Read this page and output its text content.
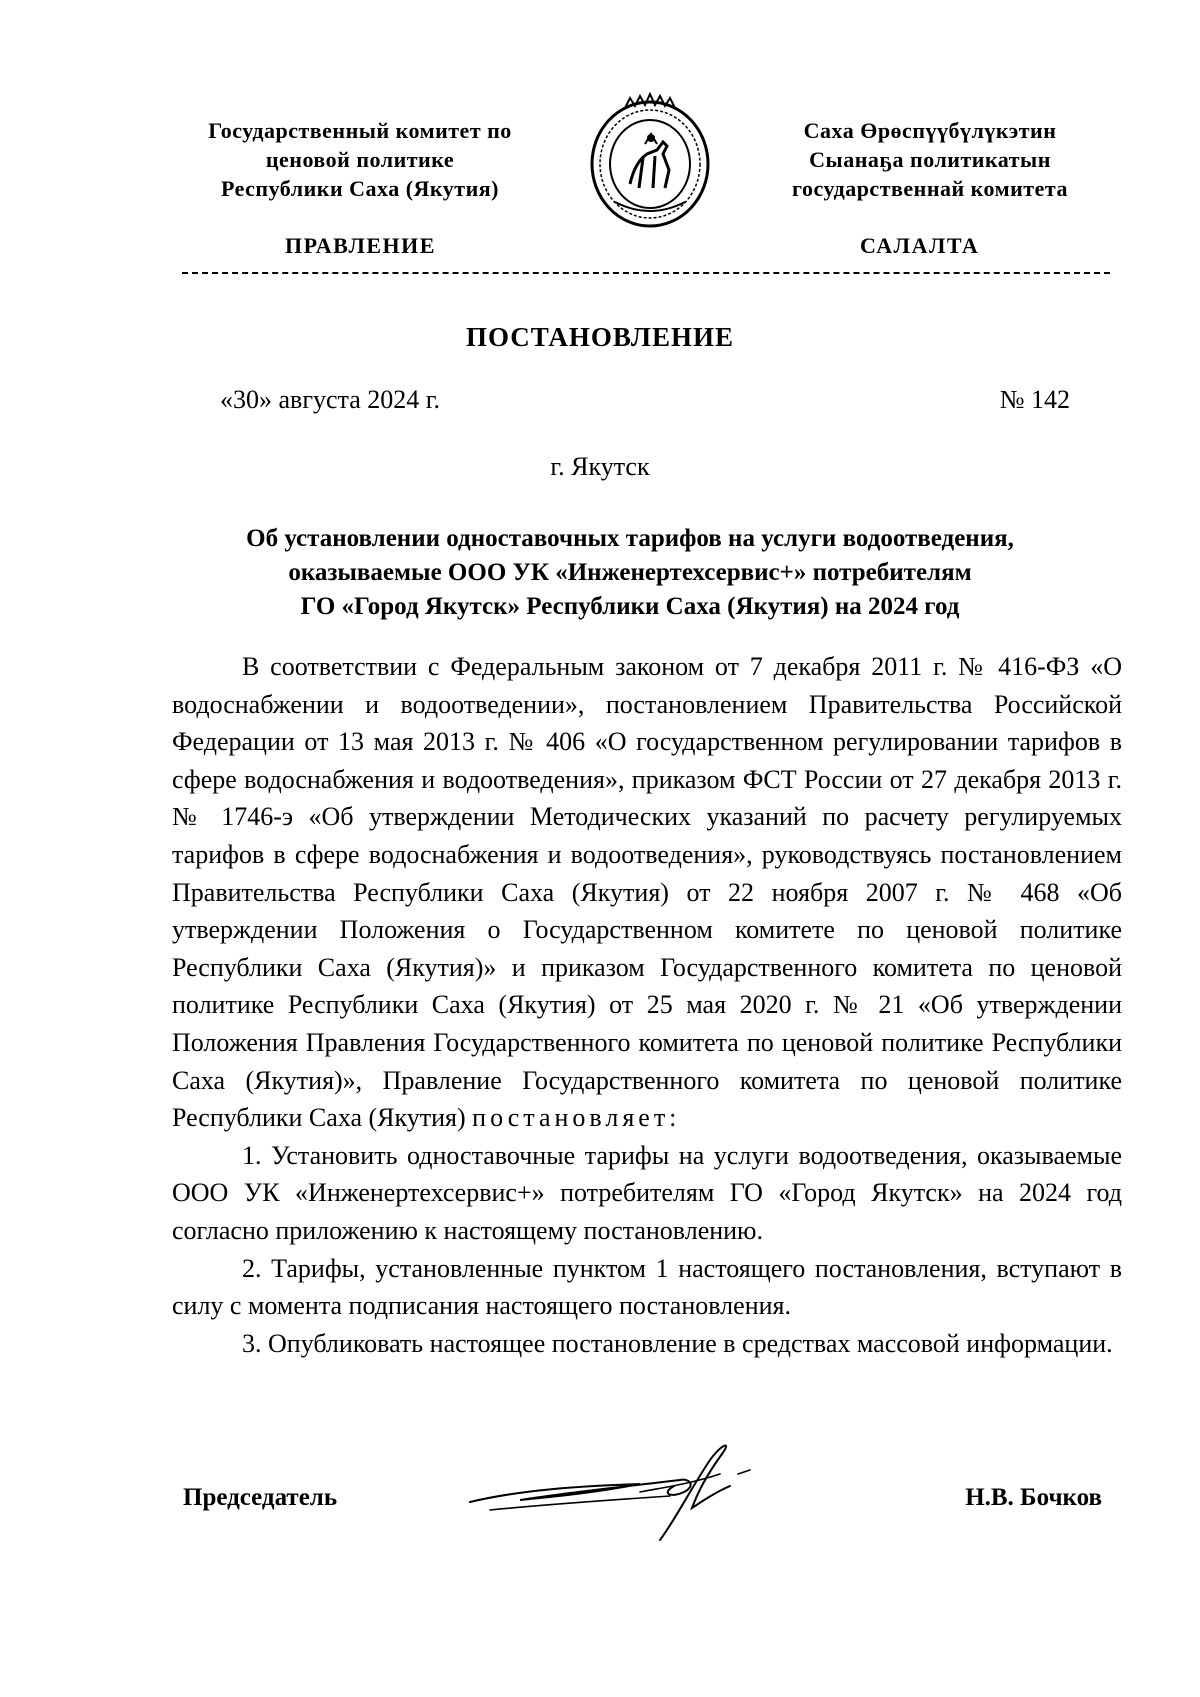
Государственный комитет по
ценовой политике
Республики Саха (Якутия)
Саха Өрөспүүбүлүкэтин
Сыанаҕа политикатын
государственнай комитета
ПРАВЛЕНИЕ	САЛАЛТА
ПОСТАНОВЛЕНИЕ
«30» августа 2024 г.	№ 142
г. Якутск
Об установлении одноставочных тарифов на услуги водоотведения,
оказываемые ООО УК «Инженертехсервис+» потребителям
ГО «Город Якутск» Республики Саха (Якутия) на 2024 год

В соответствии с Федеральным законом от 7 декабря 2011 г. № 416-ФЗ «О водоснабжении и водоотведении», постановлением Правительства Российской Федерации от 13 мая 2013 г. № 406 «О государственном регулировании тарифов в сфере водоснабжения и водоотведения», приказом ФСТ России от 27 декабря 2013 г. № 1746-э «Об утверждении Методических указаний по расчету регулируемых тарифов в сфере водоснабжения и водоотведения», руководствуясь постановлением Правительства Республики Саха (Якутия) от 22 ноября 2007 г. № 468 «Об утверждении Положения о Государственном комитете по ценовой политике Республики Саха (Якутия)» и приказом Государственного комитета по ценовой политике Республики Саха (Якутия) от 25 мая 2020 г. № 21 «Об утверждении Положения Правления Государственного комитета по ценовой политике Республики Саха (Якутия)», Правление Государственного комитета по ценовой политике Республики Саха (Якутия) постановляет:

1. Установить одноставочные тарифы на услуги водоотведения, оказываемые ООО УК «Инженертехсервис+» потребителям ГО «Город Якутск» на 2024 год согласно приложению к настоящему постановлению.

2. Тарифы, установленные пунктом 1 настоящего постановления, вступают в силу с момента подписания настоящего постановления.

3. Опубликовать настоящее постановление в средствах массовой информации.

Председатель	Н.В. Бочков
